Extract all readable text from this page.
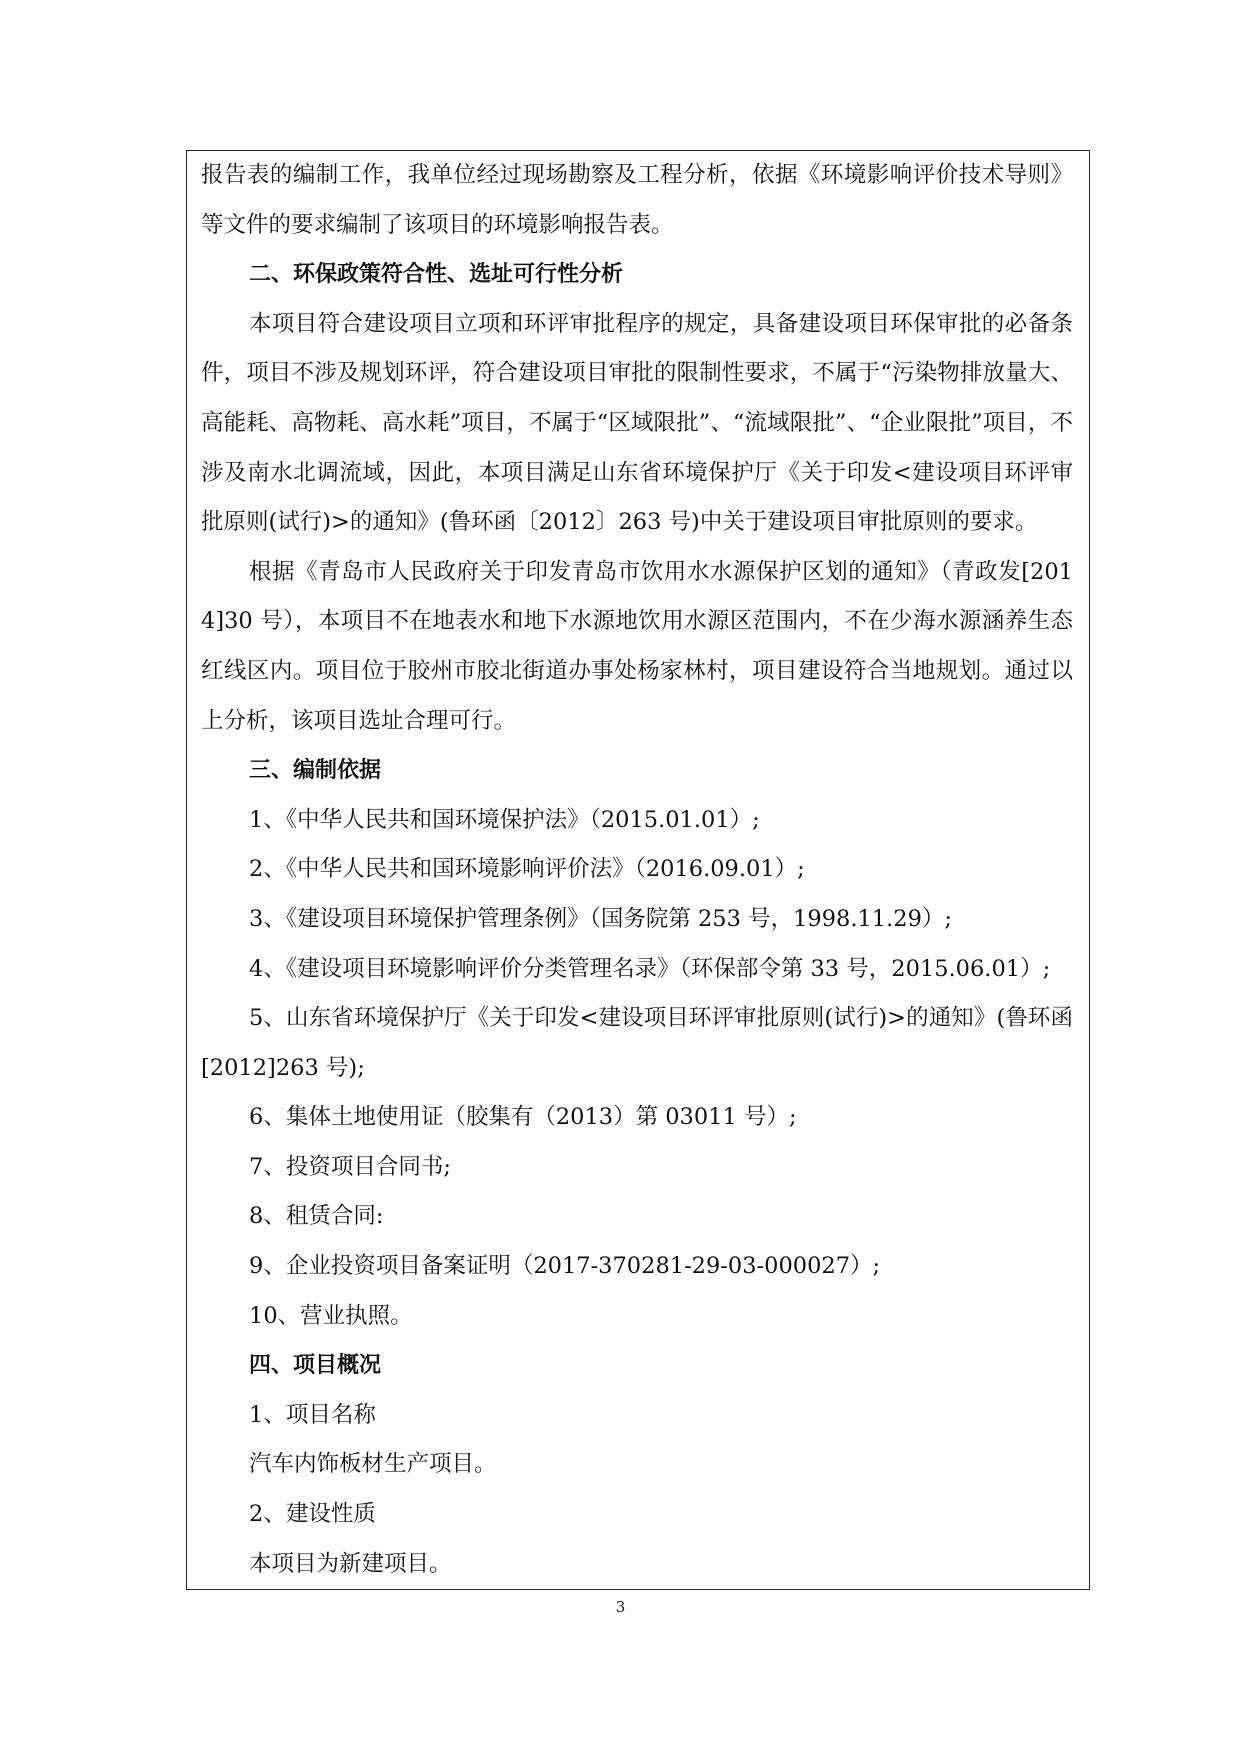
报告表的编制工作，我单位经过现场勘察及工程分析，依据《环境影响评价技术导则》等文件的要求编制了该项目的环境影响报告表。

二、环保政策符合性、选址可行性分析

本项目符合建设项目立项和环评审批程序的规定，具备建设项目环保审批的必备条件，项目不涉及规划环评，符合建设项目审批的限制性要求，不属于“污染物排放量大、高能耗、高物耗、高水耗”项目，不属于“区域限批”、“流域限批”、“企业限批”项目，不涉及南水北调流域，因此，本项目满足山东省环境保护厅《关于印发<建设项目环评审批原则(试行)>的通知》(鲁环函〔2012〕263 号)中关于建设项目审批原则的要求。

根据《青岛市人民政府关于印发青岛市饮用水水源保护区划的通知》（青政发[2014]30 号），本项目不在地表水和地下水源地饮用水源区范围内，不在少海水源涵养生态红线区内。项目位于胶州市胶北街道办事处杨家林村，项目建设符合当地规划。通过以上分析，该项目选址合理可行。

三、编制依据

1、《中华人民共和国环境保护法》（2015.01.01）;

2、《中华人民共和国环境影响评价法》（2016.09.01）;

3、《建设项目环境保护管理条例》（国务院第 253 号，1998.11.29）;

4、《建设项目环境影响评价分类管理名录》（环保部令第 33 号，2015.06.01）;

5、山东省环境保护厅《关于印发<建设项目环评审批原则(试行)>的通知》(鲁环函[2012]263 号);

6、集体土地使用证（胶集有（2013）第 03011 号）;

7、投资项目合同书;

8、租赁合同:

9、企业投资项目备案证明（2017-370281-29-03-000027）;

10、营业执照。

四、项目概况

1、项目名称

汽车内饰板材生产项目。

2、建设性质

本项目为新建项目。

3
